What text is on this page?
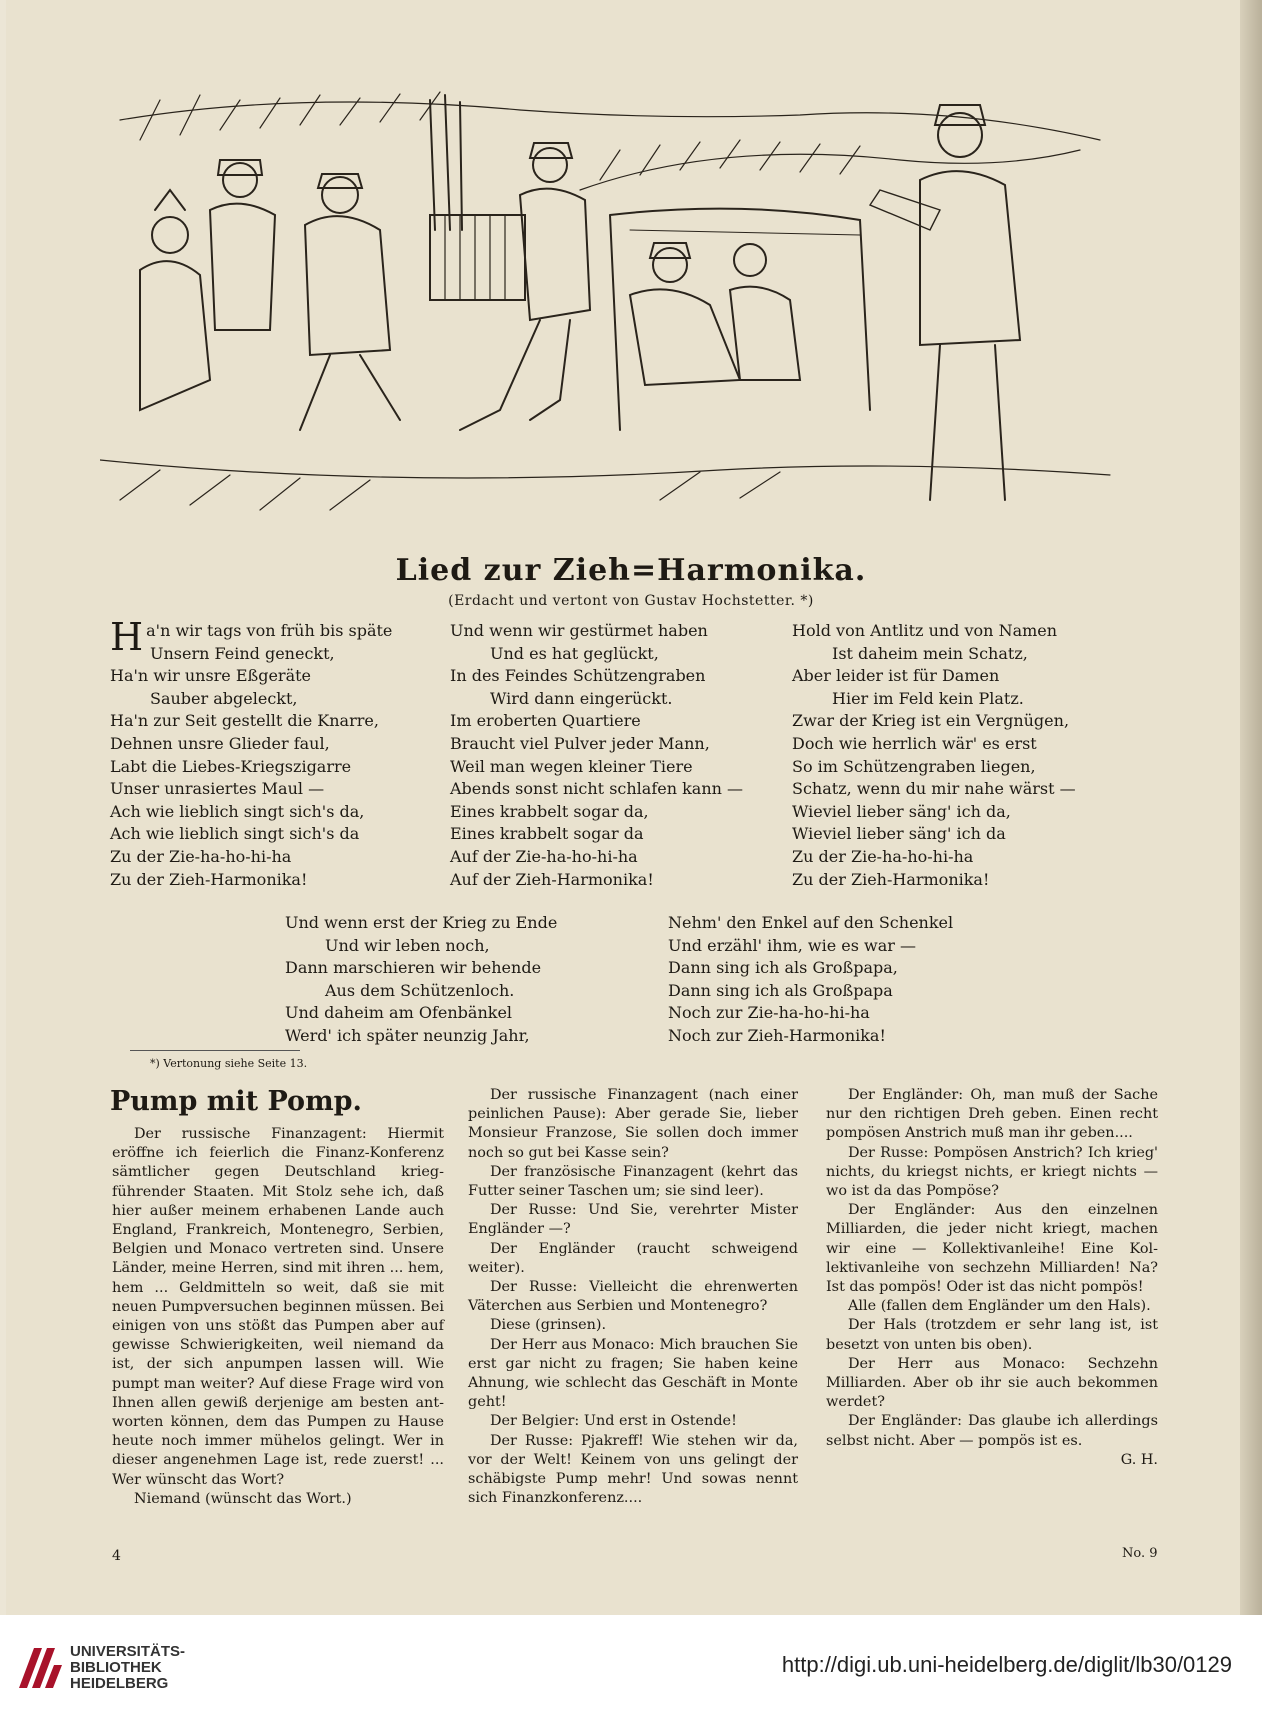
Lied zur Zieh=Harmonika.
(Erdacht und vertont von Gustav Hochstetter. *)
Ha'n wir tags von früh bis späte
Unsern Feind geneckt,
Ha'n wir unsre Eßgeräte
Sauber abgeleckt,
Ha'n zur Seit gestellt die Knarre,
Dehnen unsre Glieder faul,
Labt die Liebes-Kriegszigarre
Unser unrasiertes Maul —
Ach wie lieblich singt sich's da,
Ach wie lieblich singt sich's da
Zu der Zie-ha-ho-hi-ha
Zu der Zieh-Harmonika!
Und wenn wir gestürmet haben
Und es hat geglückt,
In des Feindes Schützengraben
Wird dann eingerückt.
Im eroberten Quartiere
Braucht viel Pulver jeder Mann,
Weil man wegen kleiner Tiere
Abends sonst nicht schlafen kann —
Eines krabbelt sogar da,
Eines krabbelt sogar da
Auf der Zie-ha-ho-hi-ha
Auf der Zieh-Harmonika!
Hold von Antlitz und von Namen
Ist daheim mein Schatz,
Aber leider ist für Damen
Hier im Feld kein Platz.
Zwar der Krieg ist ein Vergnügen,
Doch wie herrlich wär' es erst
So im Schützengraben liegen,
Schatz, wenn du mir nahe wärst —
Wieviel lieber säng' ich da,
Wieviel lieber säng' ich da
Zu der Zie-ha-ho-hi-ha
Zu der Zieh-Harmonika!
Und wenn erst der Krieg zu Ende
Und wir leben noch,
Dann marschieren wir behende
Aus dem Schützenloch.
Und daheim am Ofenbänkel
Werd' ich später neunzig Jahr,
Nehm' den Enkel auf den Schenkel
Und erzähl' ihm, wie es war —
Dann sing ich als Großpapa,
Dann sing ich als Großpapa
Noch zur Zie-ha-ho-hi-ha
Noch zur Zieh-Harmonika!
*) Vertonung siehe Seite 13.
Pump mit Pomp.

Der russische Finanzagent: Hiermit eröffne ich feierlich die Finanz-Konferenz sämtlicher gegen Deutschland kriegführender Staaten. Mit Stolz sehe ich, daß hier außer meinem erhabenen Lande auch England, Frankreich, Montenegro, Serbien, Belgien und Monaco vertreten sind. Unsere Länder, meine Herren, sind mit ihren ... hem, hem ... Geldmitteln so weit, daß sie mit neuen Pumpversuchen beginnen müssen. Bei einigen von uns stößt das Pumpen aber auf gewisse Schwierigkeiten, weil niemand da ist, der sich anpumpen lassen will. Wie pumpt man weiter? Auf diese Frage wird von Ihnen allen gewiß derjenige am besten antworten können, dem das Pumpen zu Hause heute noch immer mühelos gelingt. Wer in dieser angenehmen Lage ist, rede zuerst! ... Wer wünscht das Wort?

Niemand (wünscht das Wort.)

Der russische Finanzagent (nach einer peinlichen Pause): Aber gerade Sie, lieber Monsieur Franzose, Sie sollen doch immer noch so gut bei Kasse sein?

Der französische Finanzagent (kehrt das Futter seiner Taschen um; sie sind leer).

Der Russe: Und Sie, verehrter Mister Engländer —?

Der Engländer (raucht schweigend weiter).

Der Russe: Vielleicht die ehrenwerten Väterchen aus Serbien und Montenegro?

Diese (grinsen).

Der Herr aus Monaco: Mich brauchen Sie erst gar nicht zu fragen; Sie haben keine Ahnung, wie schlecht das Geschäft in Monte geht!

Der Belgier: Und erst in Ostende!

Der Russe: Pjakreff! Wie stehen wir da, vor der Welt! Keinem von uns gelingt der schäbigste Pump mehr! Und sowas nennt sich Finanzkonferenz....

Der Engländer: Oh, man muß der Sache nur den richtigen Dreh geben. Einen recht pompösen Anstrich muß man ihr geben....

Der Russe: Pompösen Anstrich? Ich krieg' nichts, du kriegst nichts, er kriegt nichts — wo ist da das Pompöse?

Der Engländer: Aus den einzelnen Milliarden, die jeder nicht kriegt, machen wir eine — Kollektivanleihe! Eine Kollektivanleihe von sechzehn Milliarden! Na? Ist das pompös! Oder ist das nicht pompös!

Alle (fallen dem Engländer um den Hals).

Der Hals (trotzdem er sehr lang ist, ist besetzt von unten bis oben).

Der Herr aus Monaco: Sechzehn Milliarden. Aber ob ihr sie auch bekommen werdet?

Der Engländer: Das glaube ich allerdings selbst nicht. Aber — pompös ist es.

G. H.

4	No. 9
UNIVERSITÄTS-
BIBLIOTHEK
HEIDELBERG
http://digi.ub.uni-heidelberg.de/diglit/lb30/0129
